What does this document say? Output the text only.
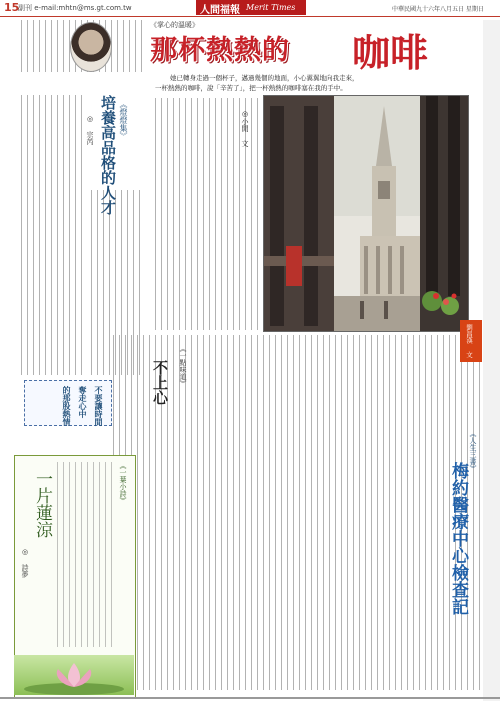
15
副刊 e-mail:mhtn@ms.gt.com.tw	人間福報 Merit Times	中華民國九十六年八月五日 星期日
《掌心的溫暖》
那杯熱熱的 咖啡
她已轉身走過一個杯子，邁過幾個的地面，小心翼翼地向我走來，
一杯熱熱的咖啡，說「辛苦了」，把一杯熱熱的咖啡塞在我的手中。
◎小閒 文
劉昌漢 文
《燈燈集》
培養高品格的人才
◎ 宗芮
不要讓時間
奪走心中
的那股熱情
《一點味道》
不上心
《一葉小詩》
一片蓮涼
◎ 詩夢
《人生三書》
梅約醫療中心檢查記
